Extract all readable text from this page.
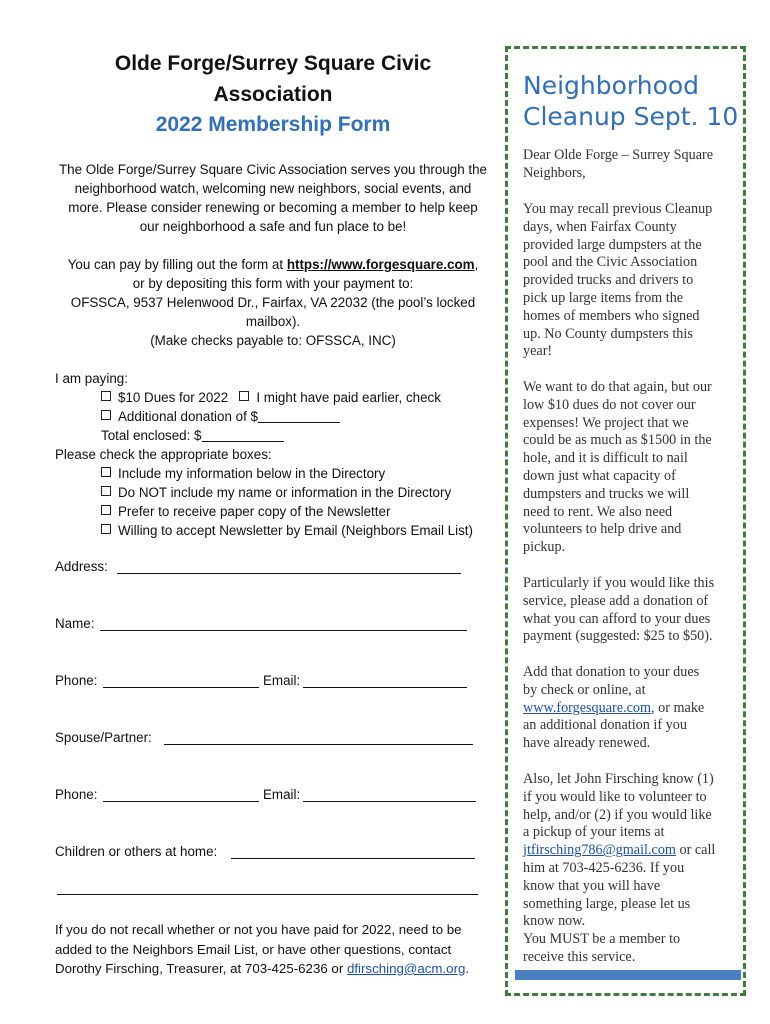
Olde Forge/Surrey Square Civic
Association
2022 Membership Form
The Olde Forge/Surrey Square Civic Association serves you through the
neighborhood watch, welcoming new neighbors, social events, and
more. Please consider renewing or becoming a member to help keep
our neighborhood a safe and fun place to be!
You can pay by filling out the form at https://www.forgesquare.com,
or by depositing this form with your payment to:
OFSSCA, 9537 Helenwood Dr., Fairfax, VA 22032 (the pool’s locked
mailbox).
(Make checks payable to: OFSSCA, INC)
I am paying:
$10 Dues for 2022 I might have paid earlier, check
Additional donation of $
Total enclosed: $
Please check the appropriate boxes:
Include my information below in the Directory
Do NOT include my name or information in the Directory
Prefer to receive paper copy of the Newsletter
Willing to accept Newsletter by Email (Neighbors Email List)
Address:
Name:
Phone:	Email:
Spouse/Partner:
Phone:	Email:
Children or others at home:
If you do not recall whether or not you have paid for 2022, need to be
added to the Neighbors Email List, or have other questions, contact
Dorothy Firsching, Treasurer, at 703-425-6236 or dfirsching@acm.org.
Neighborhood
Cleanup Sept. 10
Dear Olde Forge – Surrey Square
Neighbors,
You may recall previous Cleanup
days, when Fairfax County
provided large dumpsters at the
pool and the Civic Association
provided trucks and drivers to
pick up large items from the
homes of members who signed
up. No County dumpsters this
year!
We want to do that again, but our
low $10 dues do not cover our
expenses! We project that we
could be as much as $1500 in the
hole, and it is difficult to nail
down just what capacity of
dumpsters and trucks we will
need to rent. We also need
volunteers to help drive and
pickup.
Particularly if you would like this
service, please add a donation of
what you can afford to your dues
payment (suggested: $25 to $50).
Add that donation to your dues
by check or online, at
www.forgesquare.com, or make
an additional donation if you
have already renewed.
Also, let John Firsching know (1)
if you would like to volunteer to
help, and/or (2) if you would like
a pickup of your items at
jtfirsching786@gmail.com or call
him at 703-425-6236. If you
know that you will have
something large, please let us
know now.
You MUST be a member to
receive this service.
